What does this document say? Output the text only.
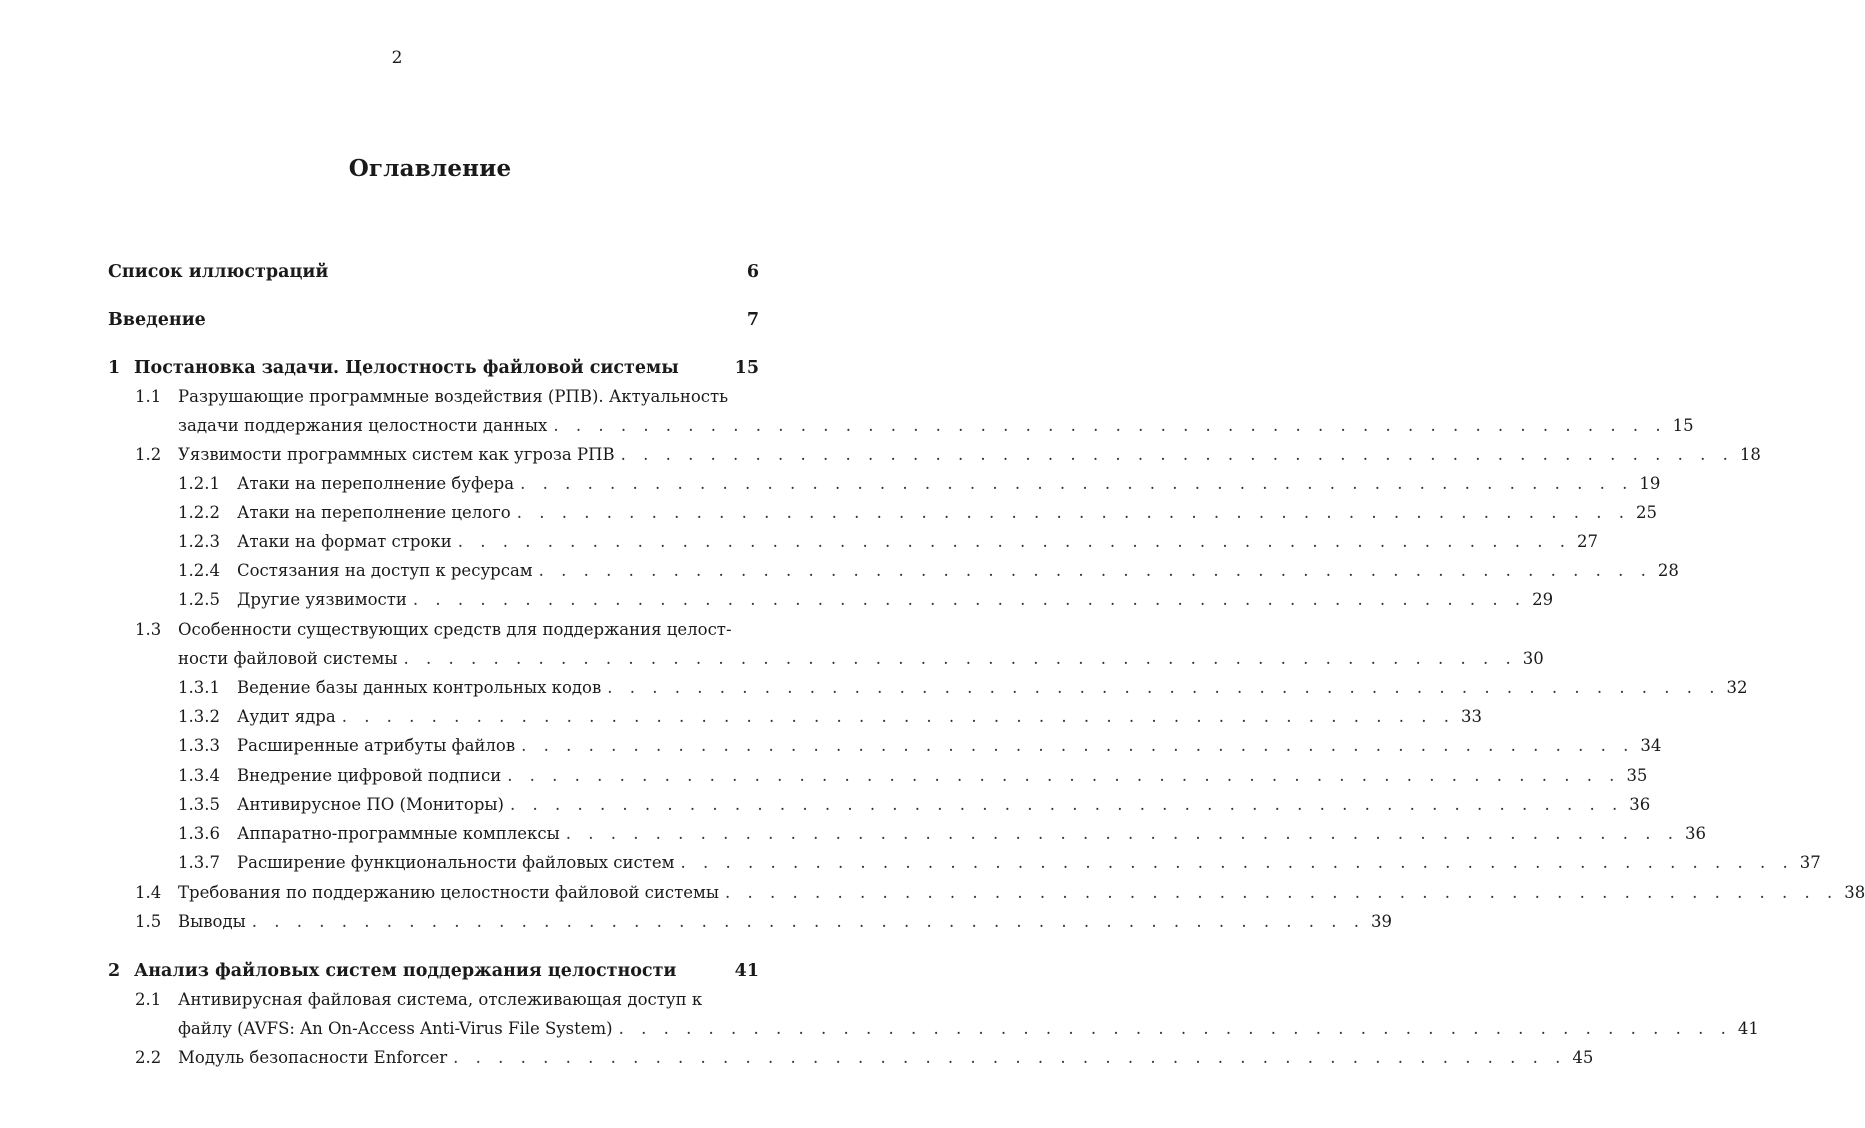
2
Оглавление
Список иллюстраций	6
Введение	7
1 Постановка задачи. Целостность файловой системы	15
1.1 Разрушающие программные воздействия (РПВ). Актуальность
задачи поддержания целостности данных . . . . . . . . . . . . . . . . . . . . . . . . . . . . . . . . . . . . . . . . . . . . . . . . . . 15
1.2 Уязвимости программных систем как угроза РПВ . . . . . . . . . . . . . . . . . . . . . . . . . . . . . . . . . . . . . . . . . . . . . . . . . . 18
1.2.1 Атаки на переполнение буфера . . . . . . . . . . . . . . . . . . . . . . . . . . . . . . . . . . . . . . . . . . . . . . . . . . 19
1.2.2 Атаки на переполнение целого . . . . . . . . . . . . . . . . . . . . . . . . . . . . . . . . . . . . . . . . . . . . . . . . . . 25
1.2.3 Атаки на формат строки . . . . . . . . . . . . . . . . . . . . . . . . . . . . . . . . . . . . . . . . . . . . . . . . . . 27
1.2.4 Состязания на доступ к ресурсам . . . . . . . . . . . . . . . . . . . . . . . . . . . . . . . . . . . . . . . . . . . . . . . . . . 28
1.2.5 Другие уязвимости . . . . . . . . . . . . . . . . . . . . . . . . . . . . . . . . . . . . . . . . . . . . . . . . . . 29
1.3 Особенности существующих средств для поддержания целост-
ности файловой системы . . . . . . . . . . . . . . . . . . . . . . . . . . . . . . . . . . . . . . . . . . . . . . . . . . 30
1.3.1 Ведение базы данных контрольных кодов . . . . . . . . . . . . . . . . . . . . . . . . . . . . . . . . . . . . . . . . . . . . . . . . . . 32
1.3.2 Аудит ядра . . . . . . . . . . . . . . . . . . . . . . . . . . . . . . . . . . . . . . . . . . . . . . . . . . 33
1.3.3 Расширенные атрибуты файлов . . . . . . . . . . . . . . . . . . . . . . . . . . . . . . . . . . . . . . . . . . . . . . . . . . 34
1.3.4 Внедрение цифровой подписи . . . . . . . . . . . . . . . . . . . . . . . . . . . . . . . . . . . . . . . . . . . . . . . . . . 35
1.3.5 Антивирусное ПО (Мониторы) . . . . . . . . . . . . . . . . . . . . . . . . . . . . . . . . . . . . . . . . . . . . . . . . . . 36
1.3.6 Аппаратно-программные комплексы . . . . . . . . . . . . . . . . . . . . . . . . . . . . . . . . . . . . . . . . . . . . . . . . . . 36
1.3.7 Расширение функциональности файловых систем . . . . . . . . . . . . . . . . . . . . . . . . . . . . . . . . . . . . . . . . . . . . . . . . . . 37
1.4 Требования по поддержанию целостности файловой системы . . . . . . . . . . . . . . . . . . . . . . . . . . . . . . . . . . . . . . . . . . . . . . . . . . 38
1.5 Выводы . . . . . . . . . . . . . . . . . . . . . . . . . . . . . . . . . . . . . . . . . . . . . . . . . . 39
2 Анализ файловых систем поддержания целостности	41
2.1 Антивирусная файловая система, отслеживающая доступ к
файлу (AVFS: An On-Access Anti-Virus File System) . . . . . . . . . . . . . . . . . . . . . . . . . . . . . . . . . . . . . . . . . . . . . . . . . . 41
2.2 Модуль безопасности Enforcer . . . . . . . . . . . . . . . . . . . . . . . . . . . . . . . . . . . . . . . . . . . . . . . . . . 45
